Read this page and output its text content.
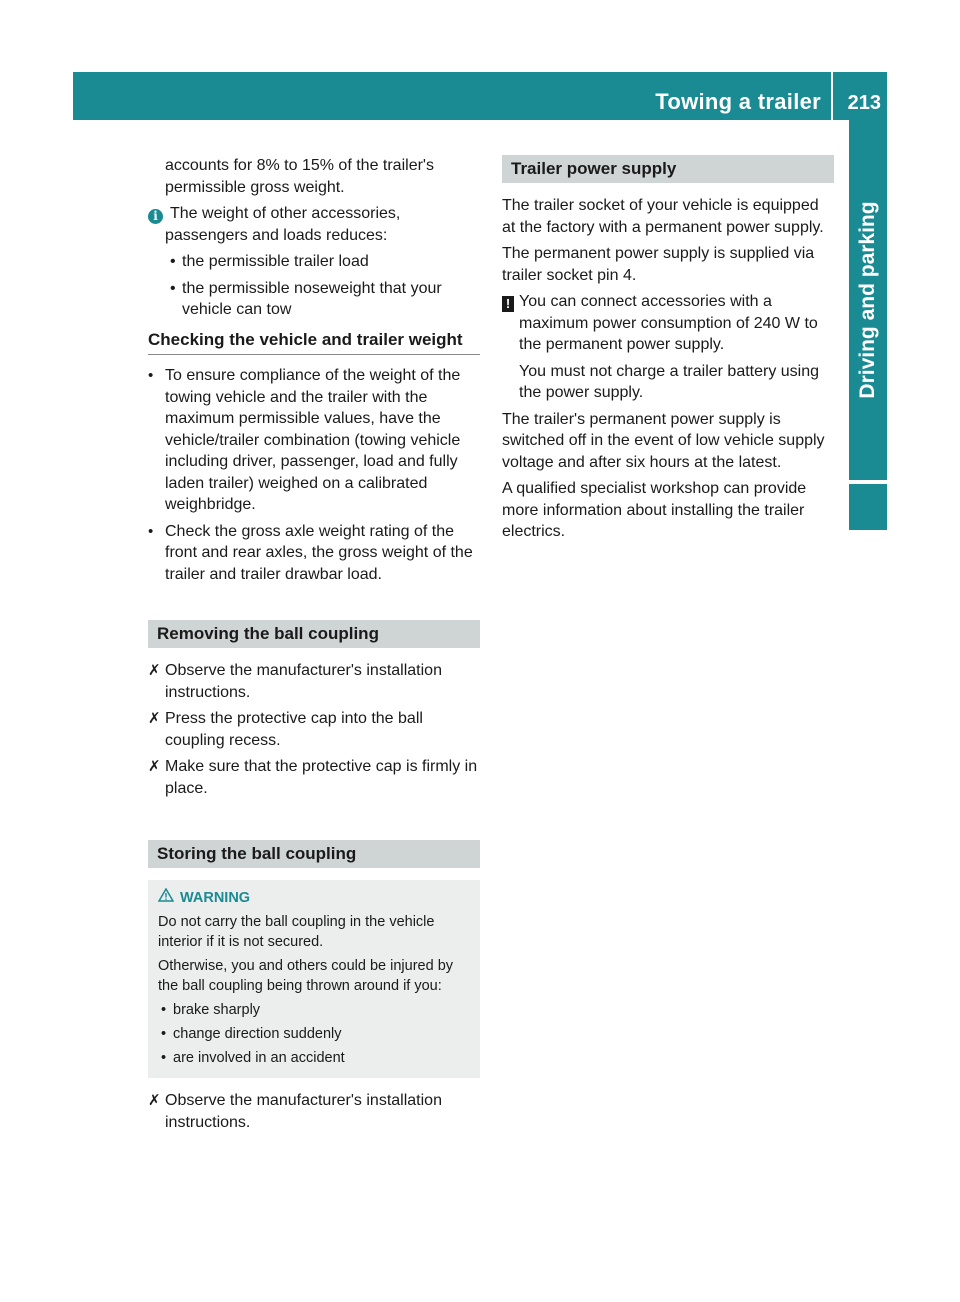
Towing a trailer 213
Driving and parking

accounts for 8% to 15% of the trailer's permissible gross weight.

i The weight of other accessories, passengers and loads reduces:
• the permissible trailer load
• the permissible noseweight that your vehicle can tow
Checking the vehicle and trailer weight
• To ensure compliance of the weight of the towing vehicle and the trailer with the maximum permissible values, have the vehicle/trailer combination (towing vehicle including driver, passenger, load and fully laden trailer) weighed on a calibrated weighbridge.
• Check the gross axle weight rating of the front and rear axles, the gross weight of the trailer and trailer drawbar load.
Removing the ball coupling
✗ Observe the manufacturer's installation instructions.
✗ Press the protective cap into the ball coupling recess.
✗ Make sure that the protective cap is firmly in place.
Storing the ball coupling
WARNING

Do not carry the ball coupling in the vehicle interior if it is not secured.

Otherwise, you and others could be injured by the ball coupling being thrown around if you:

• brake sharply
• change direction suddenly
• are involved in an accident
✗ Observe the manufacturer's installation instructions.
Trailer power supply

The trailer socket of your vehicle is equipped at the factory with a permanent power supply.

The permanent power supply is supplied via trailer socket pin 4.

! You can connect accessories with a maximum power consumption of 240 W to the permanent power supply.

You must not charge a trailer battery using the power supply.

The trailer's permanent power supply is switched off in the event of low vehicle supply voltage and after six hours at the latest.

A qualified specialist workshop can provide more information about installing the trailer electrics.
